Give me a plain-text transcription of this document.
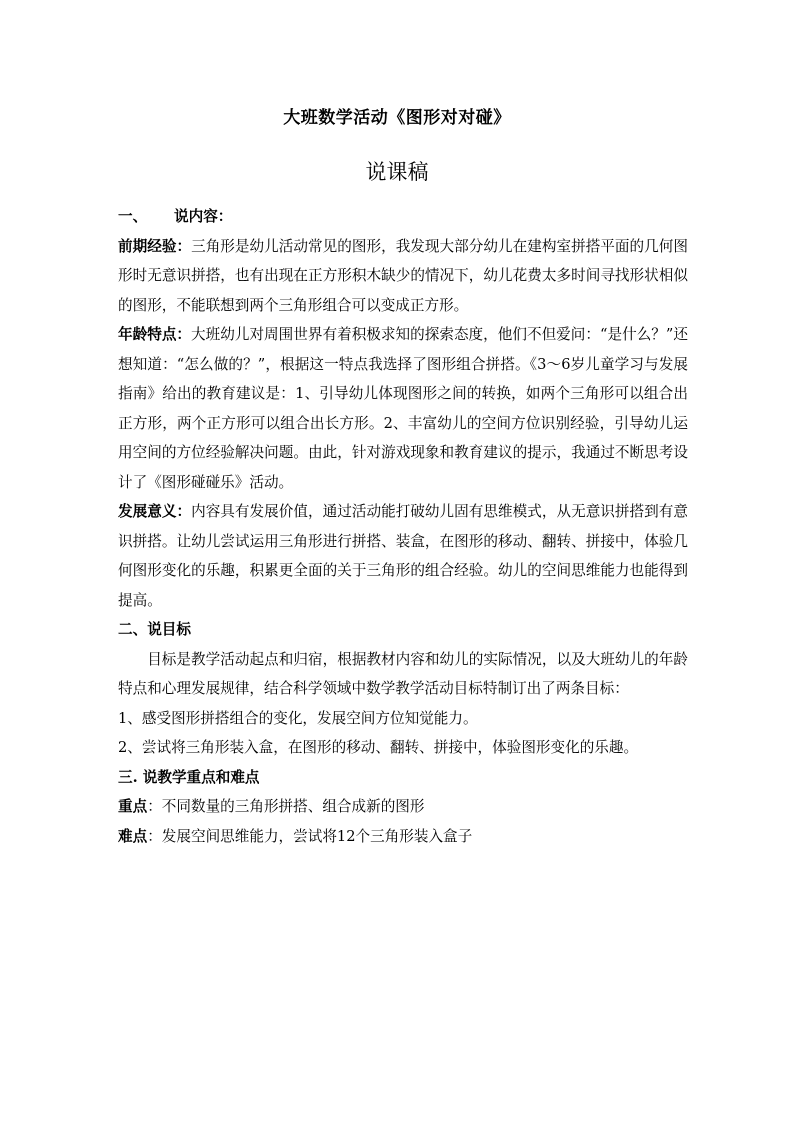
大班数学活动《图形对对碰》
说课稿

一、 说内容：

前期经验：三角形是幼儿活动常见的图形，我发现大部分幼儿在建构室拼搭平面的几何图形时无意识拼搭，也有出现在正方形积木缺少的情况下，幼儿花费太多时间寻找形状相似的图形，不能联想到两个三角形组合可以变成正方形。

年龄特点：大班幼儿对周围世界有着积极求知的探索态度，他们不但爱问：“是什么？”还想知道：“怎么做的？”，根据这一特点我选择了图形组合拼搭。《3～6岁儿童学习与发展指南》给出的教育建议是：1、引导幼儿体现图形之间的转换，如两个三角形可以组合出正方形，两个正方形可以组合出长方形。2、丰富幼儿的空间方位识别经验，引导幼儿运用空间的方位经验解决问题。由此，针对游戏现象和教育建议的提示，我通过不断思考设计了《图形碰碰乐》活动。

发展意义：内容具有发展价值，通过活动能打破幼儿固有思维模式，从无意识拼搭到有意识拼搭。让幼儿尝试运用三角形进行拼搭、装盒，在图形的移动、翻转、拼接中，体验几何图形变化的乐趣，积累更全面的关于三角形的组合经验。幼儿的空间思维能力也能得到提高。

二、说目标

目标是教学活动起点和归宿，根据教材内容和幼儿的实际情况，以及大班幼儿的年龄特点和心理发展规律，结合科学领域中数学教学活动目标特制订出了两条目标：

1、感受图形拼搭组合的变化，发展空间方位知觉能力。

2、尝试将三角形装入盒，在图形的移动、翻转、拼接中，体验图形变化的乐趣。

三. 说教学重点和难点

重点：不同数量的三角形拼搭、组合成新的图形

难点：发展空间思维能力，尝试将12个三角形装入盒子
